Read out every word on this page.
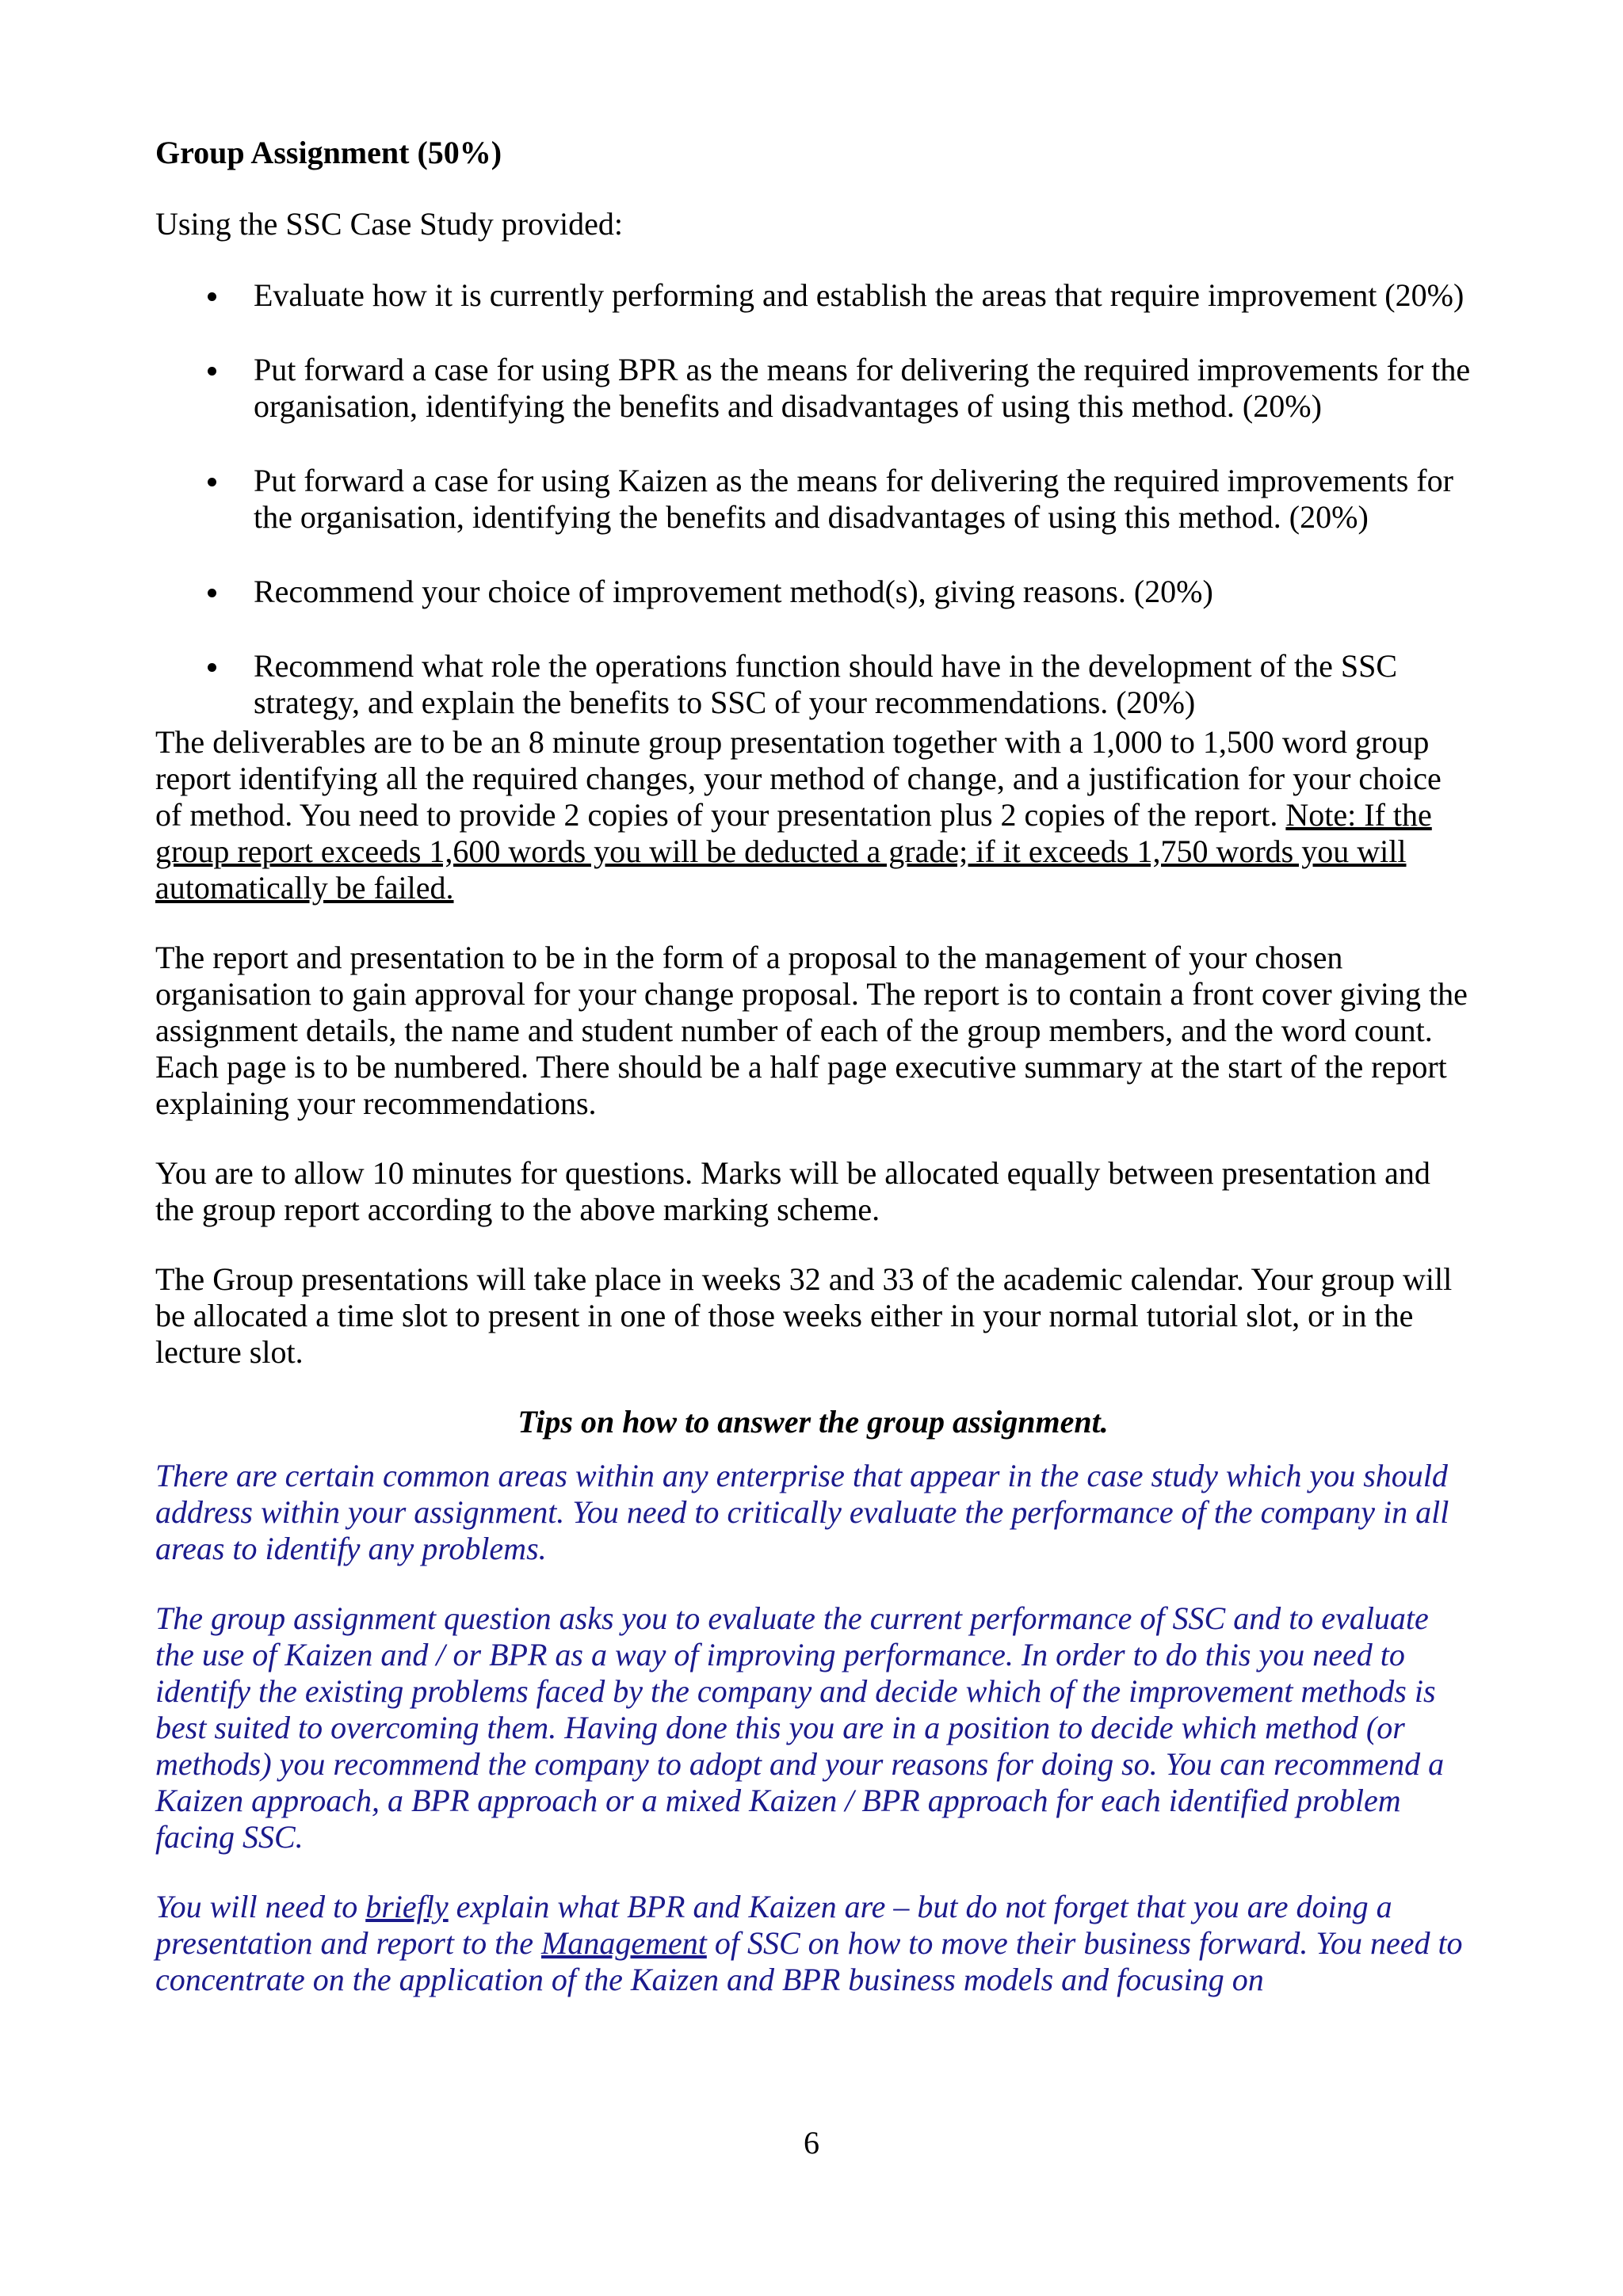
Group Assignment (50%)
Using the SSC Case Study provided:
Evaluate how it is currently performing and establish the areas that require improvement (20%)
Put forward a case for using BPR as the means for delivering the required improvements for the organisation, identifying the benefits and disadvantages of using this method. (20%)
Put forward a case for using Kaizen as the means for delivering the required improvements for the organisation, identifying the benefits and disadvantages of using this method. (20%)
Recommend your choice of improvement method(s), giving reasons. (20%)
Recommend what role the operations function should have in the development of the SSC strategy, and explain the benefits to SSC of your recommendations. (20%)
The deliverables are to be an 8 minute group presentation together with a 1,000 to 1,500 word group report identifying all the required changes, your method of change, and a justification for your choice of method. You need to provide 2 copies of your presentation plus 2 copies of the report. Note: If the group report exceeds 1,600 words you will be deducted a grade; if it exceeds 1,750 words you will automatically be failed.
The report and presentation to be in the form of a proposal to the management of your chosen organisation to gain approval for your change proposal. The report is to contain a front cover giving the assignment details, the name and student number of each of the group members, and the word count. Each page is to be numbered. There should be a half page executive summary at the start of the report explaining your recommendations.
You are to allow 10 minutes for questions. Marks will be allocated equally between presentation and the group report according to the above marking scheme.
The Group presentations will take place in weeks 32 and 33 of the academic calendar. Your group will be allocated a time slot to present in one of those weeks either in your normal tutorial slot, or in the lecture slot.
Tips on how to answer the group assignment.
There are certain common areas within any enterprise that appear in the case study which you should address within your assignment. You need to critically evaluate the performance of the company in all areas to identify any problems.
The group assignment question asks you to evaluate the current performance of SSC and to evaluate the use of Kaizen and / or BPR as a way of improving performance. In order to do this you need to identify the existing problems faced by the company and decide which of the improvement methods is best suited to overcoming them. Having done this you are in a position to decide which method (or methods) you recommend the company to adopt and your reasons for doing so. You can recommend a Kaizen approach, a BPR approach or a mixed Kaizen / BPR approach for each identified problem facing SSC.
You will need to briefly explain what BPR and Kaizen are – but do not forget that you are doing a presentation and report to the Management of SSC on how to move their business forward. You need to concentrate on the application of the Kaizen and BPR business models and focusing on
6
